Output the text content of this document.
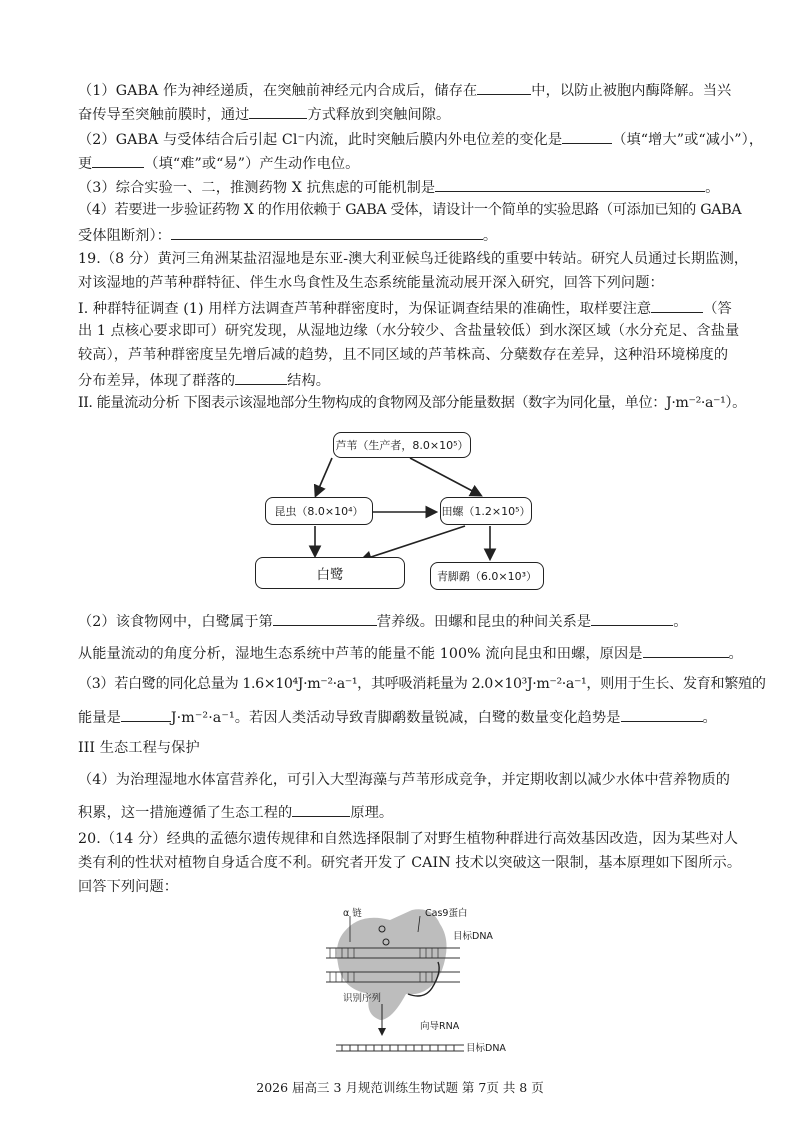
（1）GABA 作为神经递质，在突触前神经元内合成后，储存在	中，以防止被胞内酶降解。当兴
奋传导至突触前膜时，通过	方式释放到突触间隙。
（2）GABA 与受体结合后引起 Cl⁻内流，此时突触后膜内外电位差的变化是	（填“增大”或“减小”），
更	（填“难”或“易”）产生动作电位。
（3）综合实验一、二，推测药物 X 抗焦虑的可能机制是	。
（4）若要进一步验证药物 X 的作用依赖于 GABA 受体，请设计一个简单的实验思路（可添加已知的 GABA
受体阻断剂）：	。
19.（8 分）黄河三角洲某盐沼湿地是东亚-澳大利亚候鸟迁徙路线的重要中转站。研究人员通过长期监测，
对该湿地的芦苇种群特征、伴生水鸟食性及生态系统能量流动展开深入研究，回答下列问题：
I. 种群特征调查 (1) 用样方法调查芦苇种群密度时，为保证调查结果的准确性，取样要注意	（答
出 1 点核心要求即可）研究发现，从湿地边缘（水分较少、含盐量较低）到水深区域（水分充足、含盐量
较高），芦苇种群密度呈先增后减的趋势，且不同区域的芦苇株高、分蘖数存在差异，这种沿环境梯度的
分布差异，体现了群落的	结构。
II. 能量流动分析 下图表示该湿地部分生物构成的食物网及部分能量数据（数字为同化量，单位：J·m⁻²·a⁻¹）。
芦苇（生产者，8.0×10⁵）
昆虫（8.0×10⁴）	田螺（1.2×10⁵）
白鹭	青脚鹬（6.0×10³）
（2）该食物网中，白鹭属于第	营养级。田螺和昆虫的种间关系是	。
从能量流动的角度分析，湿地生态系统中芦苇的能量不能 100% 流向昆虫和田螺，原因是	。
（3）若白鹭的同化总量为 1.6×10⁴J·m⁻²·a⁻¹，其呼吸消耗量为 2.0×10³J·m⁻²·a⁻¹，则用于生长、发育和繁殖的
能量是	J·m⁻²·a⁻¹。若因人类活动导致青脚鹬数量锐减，白鹭的数量变化趋势是	。
III 生态工程与保护
（4）为治理湿地水体富营养化，可引入大型海藻与芦苇形成竞争，并定期收割以减少水体中营养物质的
积累，这一措施遵循了生态工程的	原理。
20.（14 分）经典的孟德尔遗传规律和自然选择限制了对野生植物种群进行高效基因改造，因为某些对人
类有利的性状对植物自身适合度不利。研究者开发了 CAIN 技术以突破这一限制，基本原理如下图所示。
回答下列问题：
α 链	Cas9蛋白
目标DNA
识别序列
向导RNA
目标DNA
2026 届高三 3 月规范训练生物试题 第 7页 共 8 页
